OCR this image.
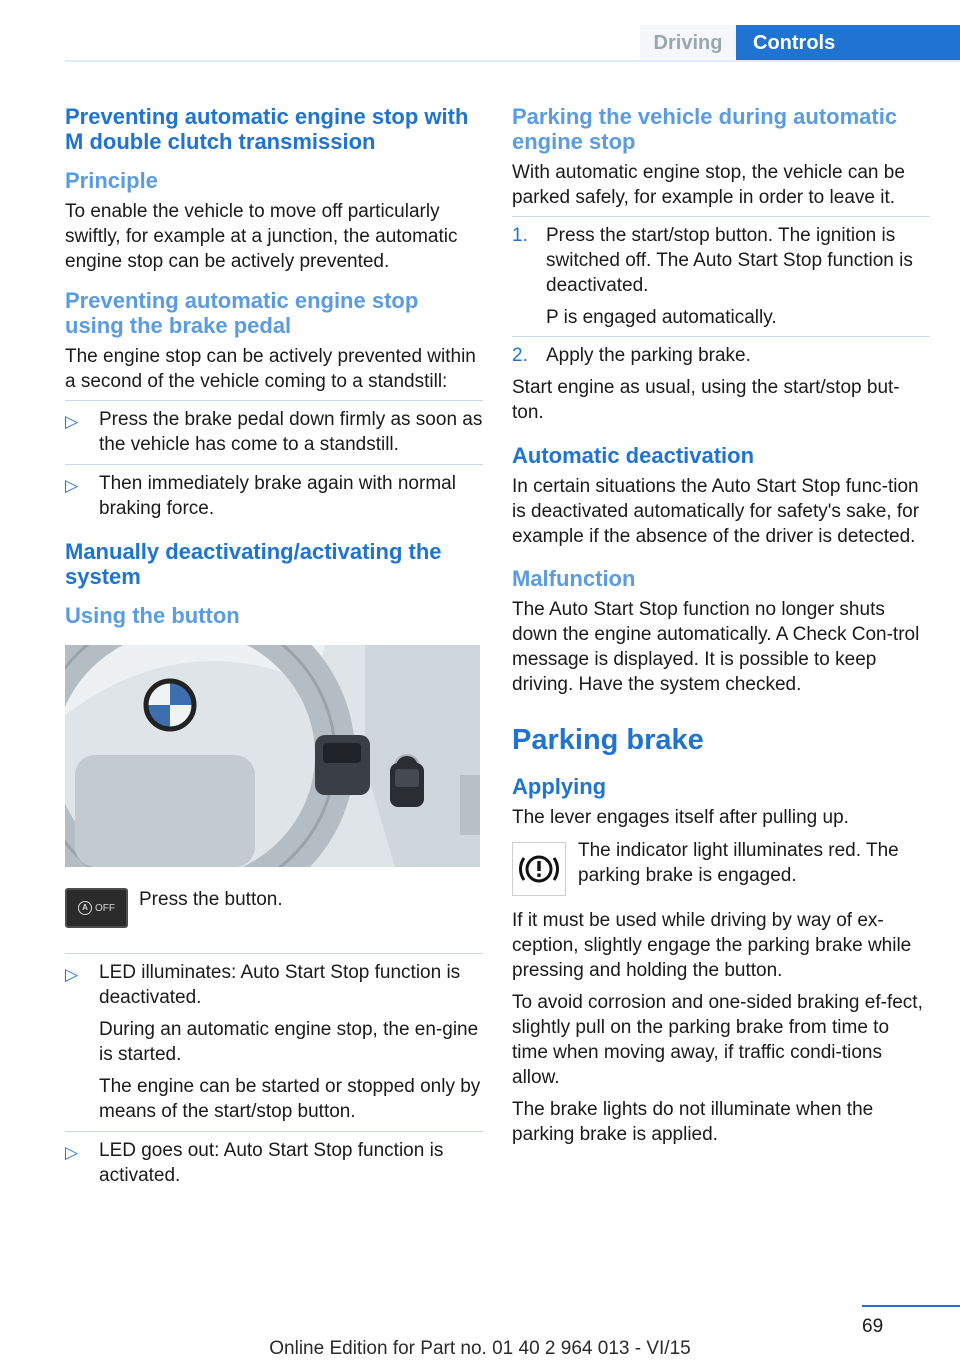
Driving	Controls
Preventing automatic engine stop with M double clutch transmission
Principle
To enable the vehicle to move off particularly swiftly, for example at a junction, the automatic engine stop can be actively prevented.
Preventing automatic engine stop using the brake pedal
The engine stop can be actively prevented within a second of the vehicle coming to a standstill:
▷ Press the brake pedal down firmly as soon as the vehicle has come to a standstill.
▷ Then immediately brake again with normal braking force.
Manually deactivating/activating the system
Using the button
A OFF Press the button.
▷ LED illuminates: Auto Start Stop function is deactivated.
During an automatic engine stop, the en‐gine is started.
The engine can be started or stopped only by means of the start/stop button.
▷ LED goes out: Auto Start Stop function is activated.
Parking the vehicle during automatic engine stop
With automatic engine stop, the vehicle can be parked safely, for example in order to leave it.
1. Press the start/stop button. The ignition is switched off. The Auto Start Stop function is deactivated.
P is engaged automatically.
2. Apply the parking brake.
Start engine as usual, using the start/stop but‐ton.
Automatic deactivation
In certain situations the Auto Start Stop func‐tion is deactivated automatically for safety's sake, for example if the absence of the driver is detected.
Malfunction
The Auto Start Stop function no longer shuts down the engine automatically. A Check Con‐trol message is displayed. It is possible to keep driving. Have the system checked.
Parking brake
Applying
The lever engages itself after pulling up.
The indicator light illuminates red. The parking brake is engaged.
If it must be used while driving by way of ex‐ception, slightly engage the parking brake while pressing and holding the button.
To avoid corrosion and one-sided braking ef‐fect, slightly pull on the parking brake from time to time when moving away, if traffic condi‐tions allow.
The brake lights do not illuminate when the parking brake is applied.
69
Online Edition for Part no. 01 40 2 964 013 - VI/15
